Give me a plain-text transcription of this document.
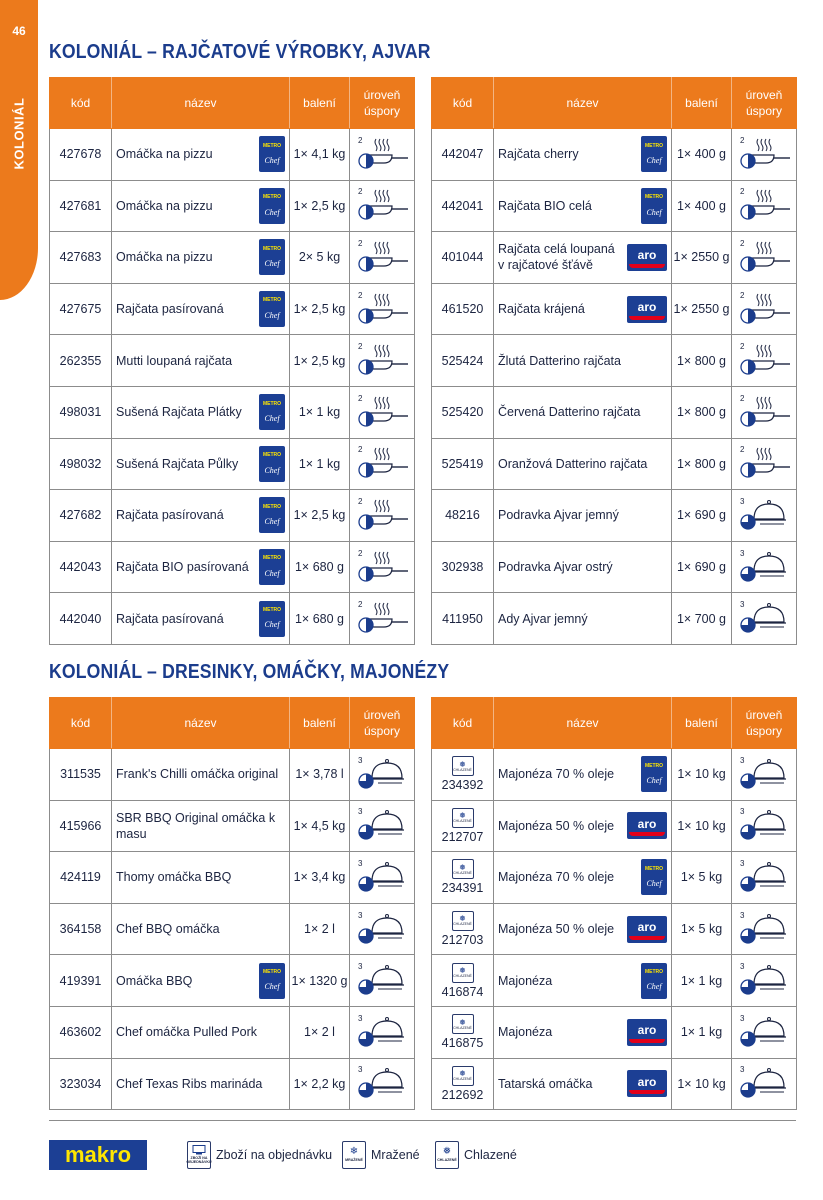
46
KOLONIÁL – RAJČATOVÉ VÝROBKY, AJVAR
kód	název	balení	úroveň
úspory
427678	Omáčka na pizzu
METRO
Chef	1× 4,1 kg	2

427681	Omáčka na pizzu
METRO
Chef	1× 2,5 kg	2

427683	Omáčka na pizzu
METRO
Chef	2× 5 kg	2

427675	Rajčata pasírovaná
METRO
Chef	1× 2,5 kg	2

262355	Mutti loupaná rajčata	1× 2,5 kg	2

498031	Sušená Rajčata Plátky
METRO
Chef	1× 1 kg	2

498032	Sušená Rajčata Půlky
METRO
Chef	1× 1 kg	2

427682	Rajčata pasírovaná
METRO
Chef	1× 2,5 kg	2

442043	Rajčata BIO pasírovaná
METRO
Chef	1× 680 g	2

442040	Rajčata pasírovaná
METRO
Chef	1× 680 g	2
kód	název	balení	úroveň
úspory
442047	Rajčata cherry
METRO
Chef	1× 400 g	2

442041	Rajčata BIO celá
METRO
Chef	1× 400 g	2

401044	Rajčata celá loupaná v rajčatové šťávě
aro	1× 2550 g	2

461520	Rajčata krájená aro	1× 2550 g	2

525424	Žlutá Datterino rajčata	1× 800 g	2

525420	Červená Datterino rajčata	1× 800 g	2

525419	Oranžová Datterino rajčata	1× 800 g	2

48216	Podravka Ajvar jemný	1× 690 g	3

302938	Podravka Ajvar ostrý	1× 690 g	3

411950	Ady Ajvar jemný	1× 700 g	3
KOLONIÁL – DRESINKY, OMÁČKY, MAJONÉZY
kód	název	balení	úroveň
úspory
311535	Frank's Chilli omáčka original	1× 3,78 l	3

415966	SBR BBQ Original omáčka k masu	1× 4,5 kg	3

424119	Thomy omáčka BBQ	1× 3,4 kg	3

364158	Chef BBQ omáčka	1× 2 l	3

419391	Omáčka BBQ
METRO
Chef	1× 1320 g	3

463602	Chef omáčka Pulled Pork	1× 2 l	3

323034	Chef Texas Ribs marináda	1× 2,2 kg	3
kód	název	balení	úroveň
úspory

❅
CHLAZENÉ
234392	Majonéza 70 % oleje
METRO
Chef	1× 10 kg	3

❅
CHLAZENÉ
212707	Majonéza 50 % oleje aro	1× 10 kg	3

❅
CHLAZENÉ
234391	Majonéza 70 % oleje
METRO
Chef	1× 5 kg	3

❅
CHLAZENÉ
212703	Majonéza 50 % oleje aro	1× 5 kg	3

❅
CHLAZENÉ
416874	Majonéza
METRO
Chef	1× 1 kg	3

❅
CHLAZENÉ
416875	Majonéza aro	1× 1 kg	3

❅
CHLAZENÉ
212692	Tatarská omáčka aro	1× 10 kg	3
makro	ZBOŽÍ NA OBJEDNÁVKU Zboží na objednávku ❄
MRAŽENÉ Mražené ❅
CHLAZENÉ Chlazené
